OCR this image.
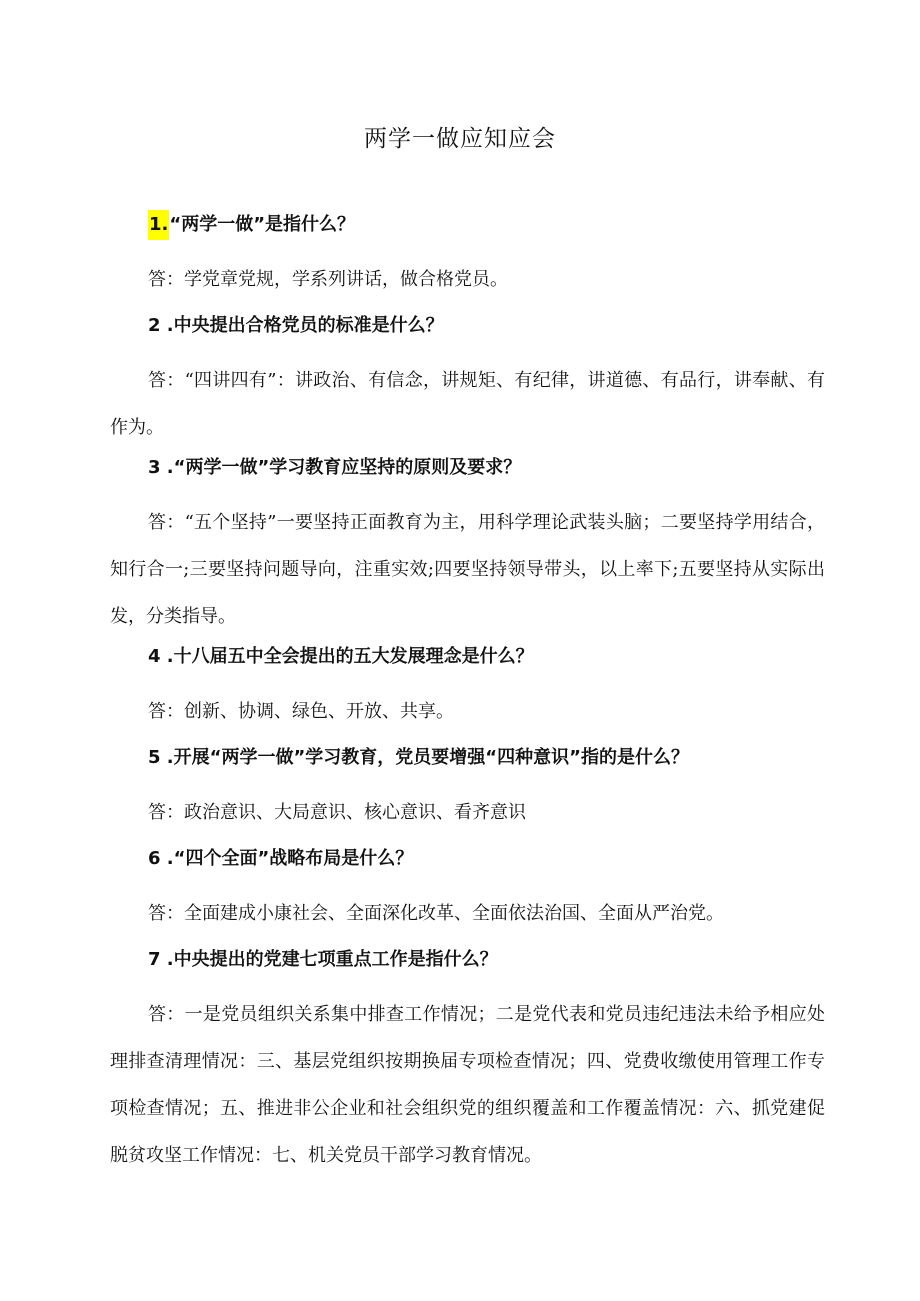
两学一做应知应会
1.“两学一做”是指什么？
答：学党章党规，学系列讲话，做合格党员。
2 .中央提出合格党员的标准是什么？
答：“四讲四有”：讲政治、有信念，讲规矩、有纪律，讲道德、有品行，讲奉献、有作为。
3 .“两学一做”学习教育应坚持的原则及要求？
答：“五个坚持”一要坚持正面教育为主，用科学理论武装头脑；二要坚持学用结合，知行合一;三要坚持问题导向，注重实效;四要坚持领导带头，以上率下;五要坚持从实际出发，分类指导。
4 .十八届五中全会提出的五大发展理念是什么？
答：创新、协调、绿色、开放、共享。
5 .开展“两学一做”学习教育，党员要增强“四种意识”指的是什么？
答：政治意识、大局意识、核心意识、看齐意识
6 .“四个全面”战略布局是什么？
答：全面建成小康社会、全面深化改革、全面依法治国、全面从严治党。
7 .中央提出的党建七项重点工作是指什么？
答：一是党员组织关系集中排查工作情况；二是党代表和党员违纪违法未给予相应处理排查清理情况：三、基层党组织按期换届专项检查情况；四、党费收缴使用管理工作专项检查情况；五、推进非公企业和社会组织党的组织覆盖和工作覆盖情况：六、抓党建促脱贫攻坚工作情况：七、机关党员干部学习教育情况。
